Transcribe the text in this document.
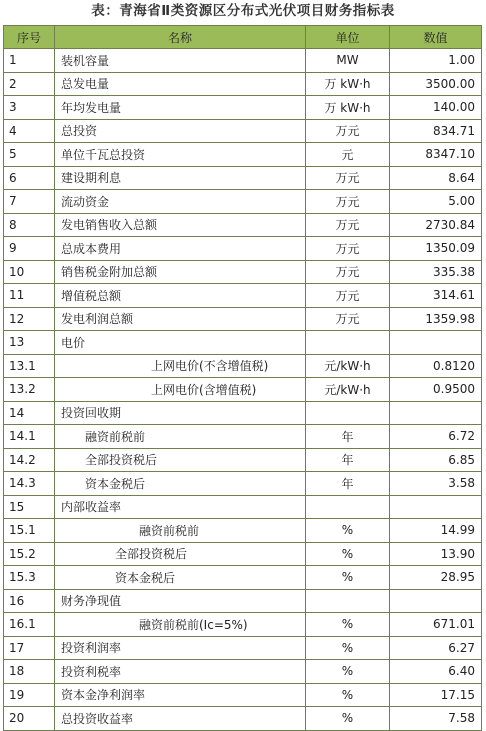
表：青海省Ⅱ类资源区分布式光伏项目财务指标表
序号	名称	单位	数值
1	装机容量	MW	1.00
2	总发电量	万 kW·h	3500.00
3	年均发电量	万 kW·h	140.00
4	总投资	万元	834.71
5	单位千瓦总投资	元	8347.10
6	建设期利息	万元	8.64
7	流动资金	万元	5.00
8	发电销售收入总额	万元	2730.84
9	总成本费用	万元	1350.09
10	销售税金附加总额	万元	335.38
11	增值税总额	万元	314.61
12	发电利润总额	万元	1359.98
13	电价		
13.1	上网电价(不含增值税)	元/kW·h	0.8120
13.2	上网电价(含增值税)	元/kW·h	0.9500
14	投资回收期		
14.1	融资前税前	年	6.72
14.2	全部投资税后	年	6.85
14.3	资本金税后	年	3.58
15	内部收益率		
15.1	融资前税前	%	14.99
15.2	全部投资税后	%	13.90
15.3	资本金税后	%	28.95
16	财务净现值		
16.1	融资前税前(Ic=5%)	%	671.01
17	投资利润率	%	6.27
18	投资利税率	%	6.40
19	资本金净利润率	%	17.15
20	总投资收益率	%	7.58
